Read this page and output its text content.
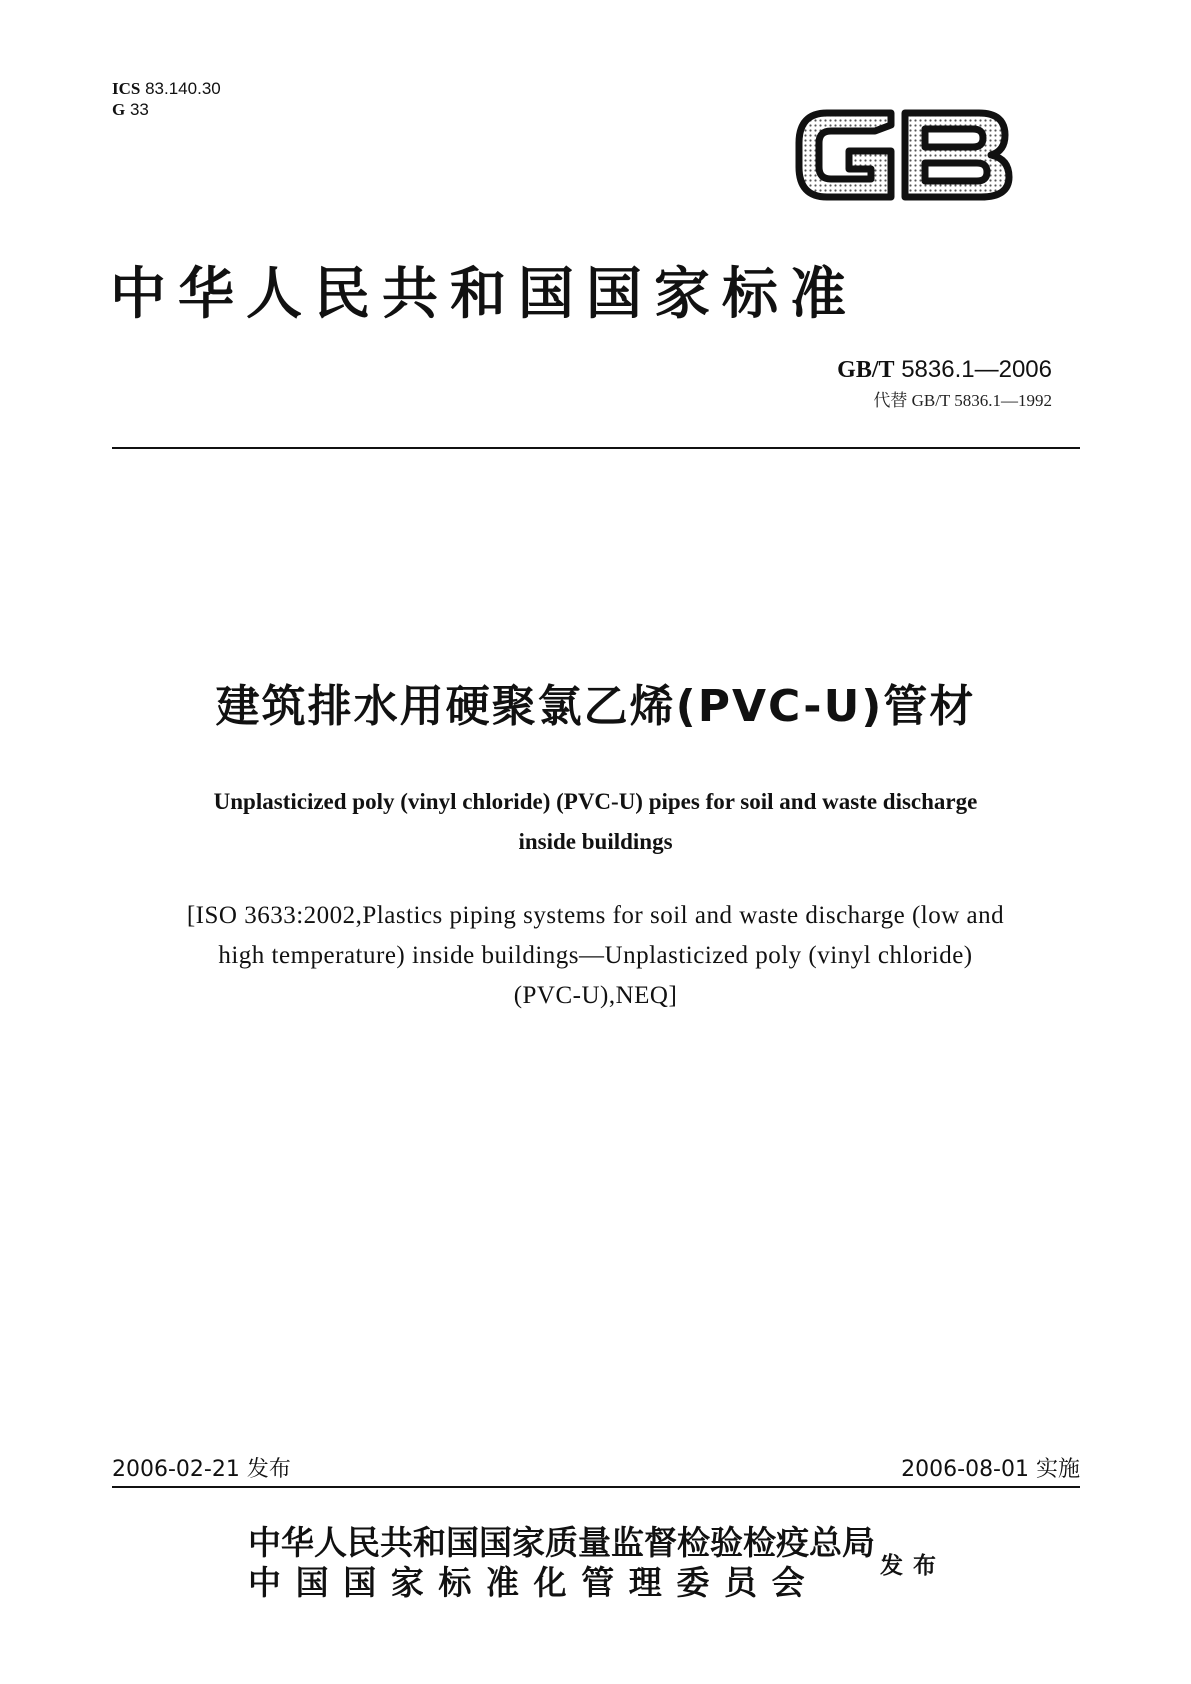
ICS 83.140.30
G 33
中华人民共和国国家标准
GB/T 5836.1—2006
代替 GB/T 5836.1—1992
建筑排水用硬聚氯乙烯(PVC-U)管材
Unplasticized poly (vinyl chloride) (PVC-U) pipes for soil and waste discharge
inside buildings
[ISO 3633:2002,Plastics piping systems for soil and waste discharge (low and
high temperature) inside buildings—Unplasticized poly (vinyl chloride)
(PVC-U),NEQ]
2006-02-21 发布	2006-08-01 实施
中华人民共和国国家质量监督检验检疫总局
中国国家标准化管理委员会	发布
